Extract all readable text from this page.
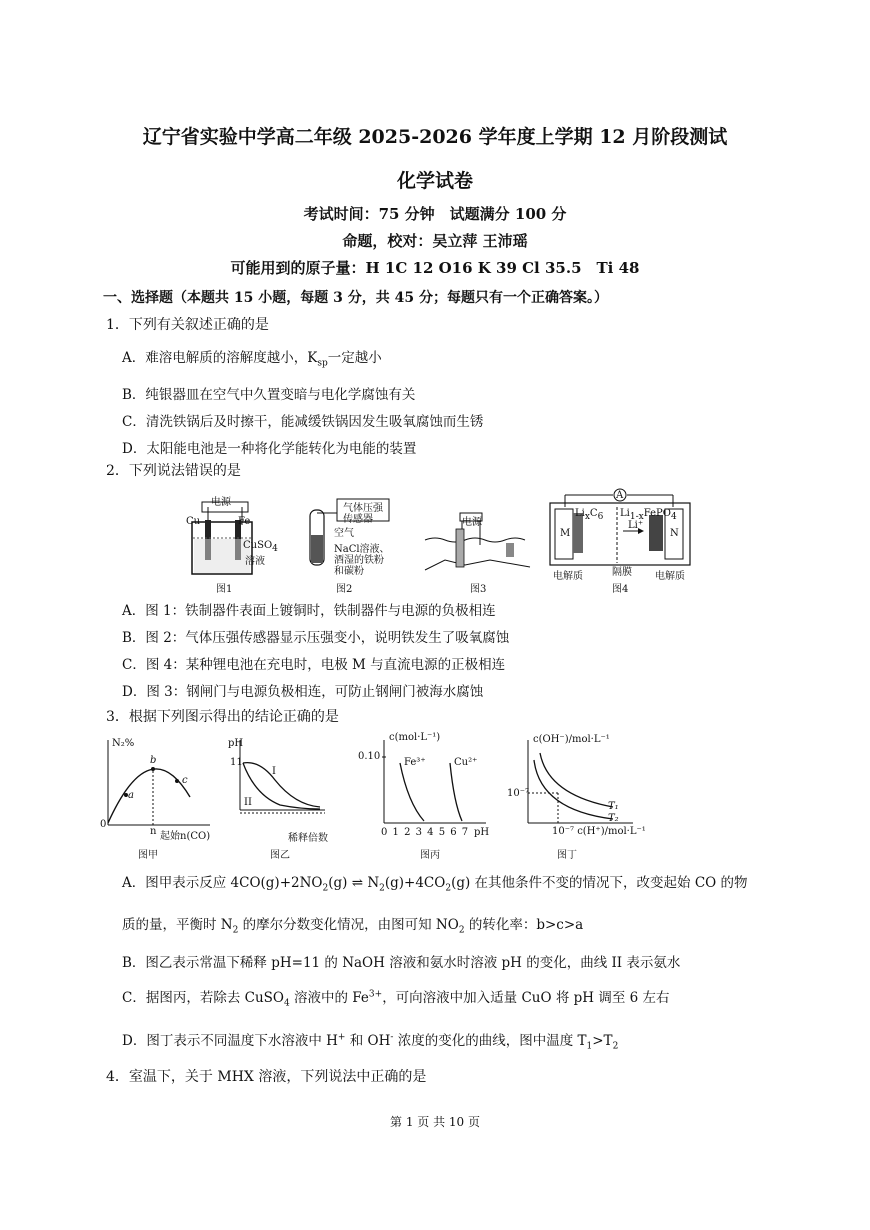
辽宁省实验中学高二年级 2025-2026 学年度上学期 12 月阶段测试
化学试卷
考试时间：75 分钟　试题满分 100 分
命题，校对：吴立萍 王沛瑶
可能用到的原子量：H 1C 12 O16 K 39 Cl 35.5　Ti 48
一、选择题（本题共 15 小题，每题 3 分，共 45 分；每题只有一个正确答案。）
1．下列有关叙述正确的是
A．难溶电解质的溶解度越小，$K_{sp}$一定越小
B．纯银器皿在空气中久置变暗与电化学腐蚀有关
C．清洗铁锅后及时擦干，能减缓铁锅因发生吸氧腐蚀而生锈
D．太阳能电池是一种将化学能转化为电能的装置
2．下列说法错误的是
电源
Cu	Fe
CuSO$_4$
溶液
图1
气体压强
传感器
空气
NaCl溶液、
酒湿的铁粉
和碳粉
图2
电源
图3
A
M	N
$Li_xC_6$ $Li_{1-x}FePO_4$
Li⁺
电解质	隔膜 电解质
图4
A．图 1：铁制器件表面上镀铜时，铁制器件与电源的负极相连
B．图 2：气体压强传感器显示压强变小，说明铁发生了吸氧腐蚀
C．图 4：某种锂电池在充电时，电极 M 与直流电源的正极相连
D．图 3：钢闸门与电源负极相连，可防止钢闸门被海水腐蚀
3．根据下列图示得出的结论正确的是
N₂%
0
n 起始n(CO)
a
b
c
图甲
pH
11
I
II
稀释倍数
图乙
c(mol·L⁻¹)
0.10
Fe³⁺	Cu²⁺
0 1 2 3 4 5 6 7 pH
图丙
c(OH⁻)/mol·L⁻¹
10⁻⁷
T₁
T₂
10⁻⁷ c(H⁺)/mol·L⁻¹
图丁
A．图甲表示反应 $4CO(g)+2NO_2(g)$ ⇌ $N_2(g)+4CO_2(g)$ 在其他条件不变的情况下，改变起始 CO 的物
质的量，平衡时 $N_2$ 的摩尔分数变化情况，由图可知 $NO_2$ 的转化率：b>c>a
B．图乙表示常温下稀释 pH=11 的 NaOH 溶液和氨水时溶液 pH 的变化，曲线 II 表示氨水
C．据图丙，若除去 CuSO$_4$ 溶液中的 $Fe^{3+}$，可向溶液中加入适量 CuO 将 pH 调至 6 左右
D．图丁表示不同温度下水溶液中 H+ 和 OH- 浓度的变化的曲线，图中温度 $T_1>T_2$
4．室温下，关于 MHX 溶液，下列说法中正确的是
第 1 页 共 10 页
